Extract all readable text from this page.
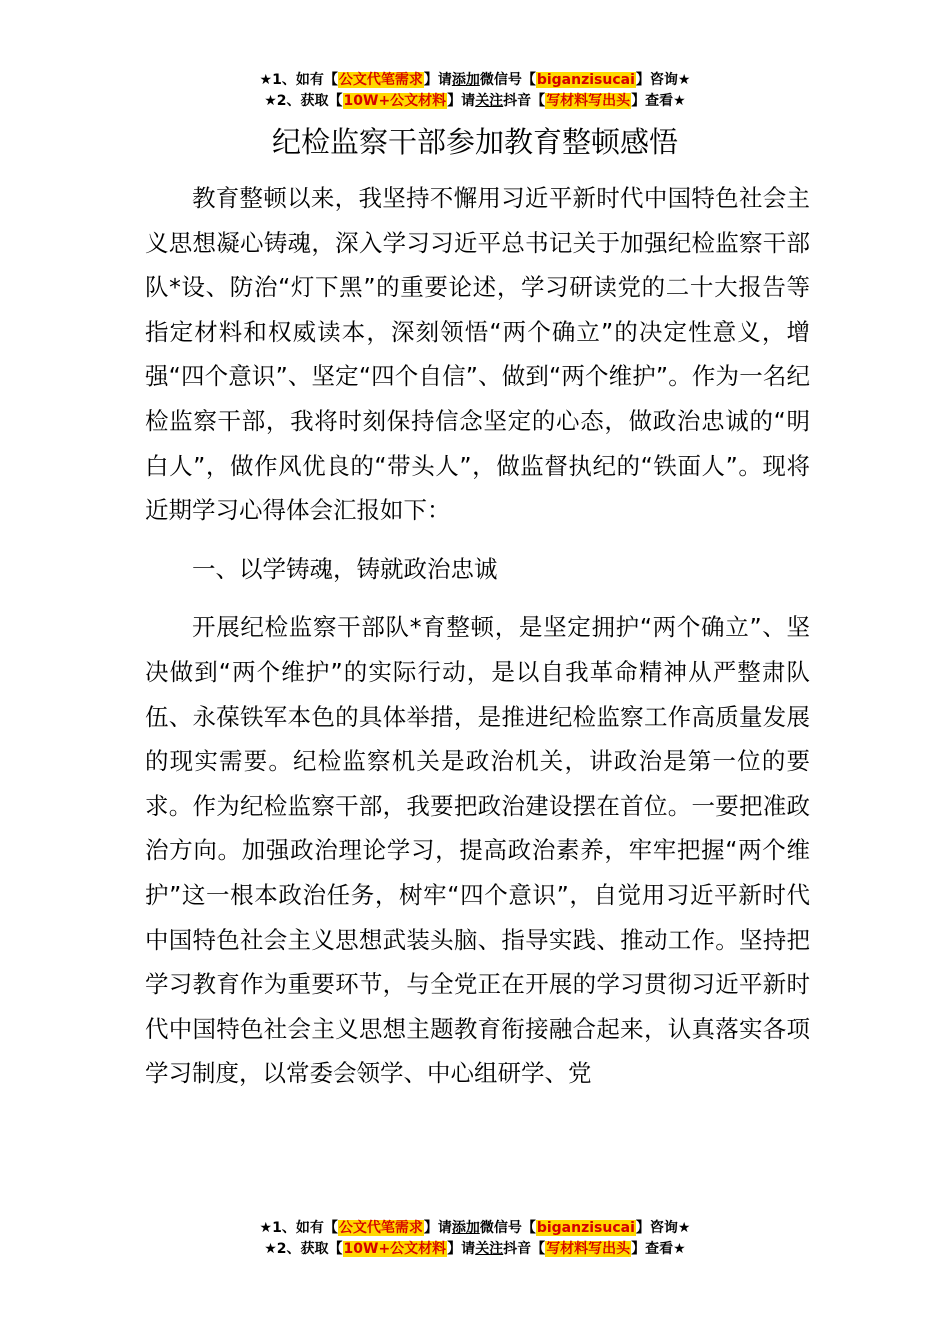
★1、如有【公文代笔需求】请添加微信号【biganzisucai】咨询★
★2、获取【10W+公文材料】请关注抖音【写材料写出头】查看★
纪检监察干部参加教育整顿感悟

教育整顿以来，我坚持不懈用习近平新时代中国特色社会主义思想凝心铸魂，深入学习习近平总书记关于加强纪检监察干部队*设、防治“灯下黑”的重要论述，学习研读党的二十大报告等指定材料和权威读本，深刻领悟“两个确立”的决定性意义，增强“四个意识”、坚定“四个自信”、做到“两个维护”。作为一名纪检监察干部，我将时刻保持信念坚定的心态，做政治忠诚的“明白人”，做作风优良的“带头人”，做监督执纪的“铁面人”。现将近期学习心得体会汇报如下：

一、以学铸魂，铸就政治忠诚

开展纪检监察干部队*育整顿，是坚定拥护“两个确立”、坚决做到“两个维护”的实际行动，是以自我革命精神从严整肃队伍、永葆铁军本色的具体举措，是推进纪检监察工作高质量发展的现实需要。纪检监察机关是政治机关，讲政治是第一位的要求。作为纪检监察干部，我要把政治建设摆在首位。一要把准政治方向。加强政治理论学习，提高政治素养，牢牢把握“两个维护”这一根本政治任务，树牢“四个意识”，自觉用习近平新时代中国特色社会主义思想武装头脑、指导实践、推动工作。坚持把学习教育作为重要环节，与全党正在开展的学习贯彻习近平新时代中国特色社会主义思想主题教育衔接融合起来，认真落实各项学习制度，以常委会领学、中心组研学、党

★1、如有【公文代笔需求】请添加微信号【biganzisucai】咨询★
★2、获取【10W+公文材料】请关注抖音【写材料写出头】查看★
